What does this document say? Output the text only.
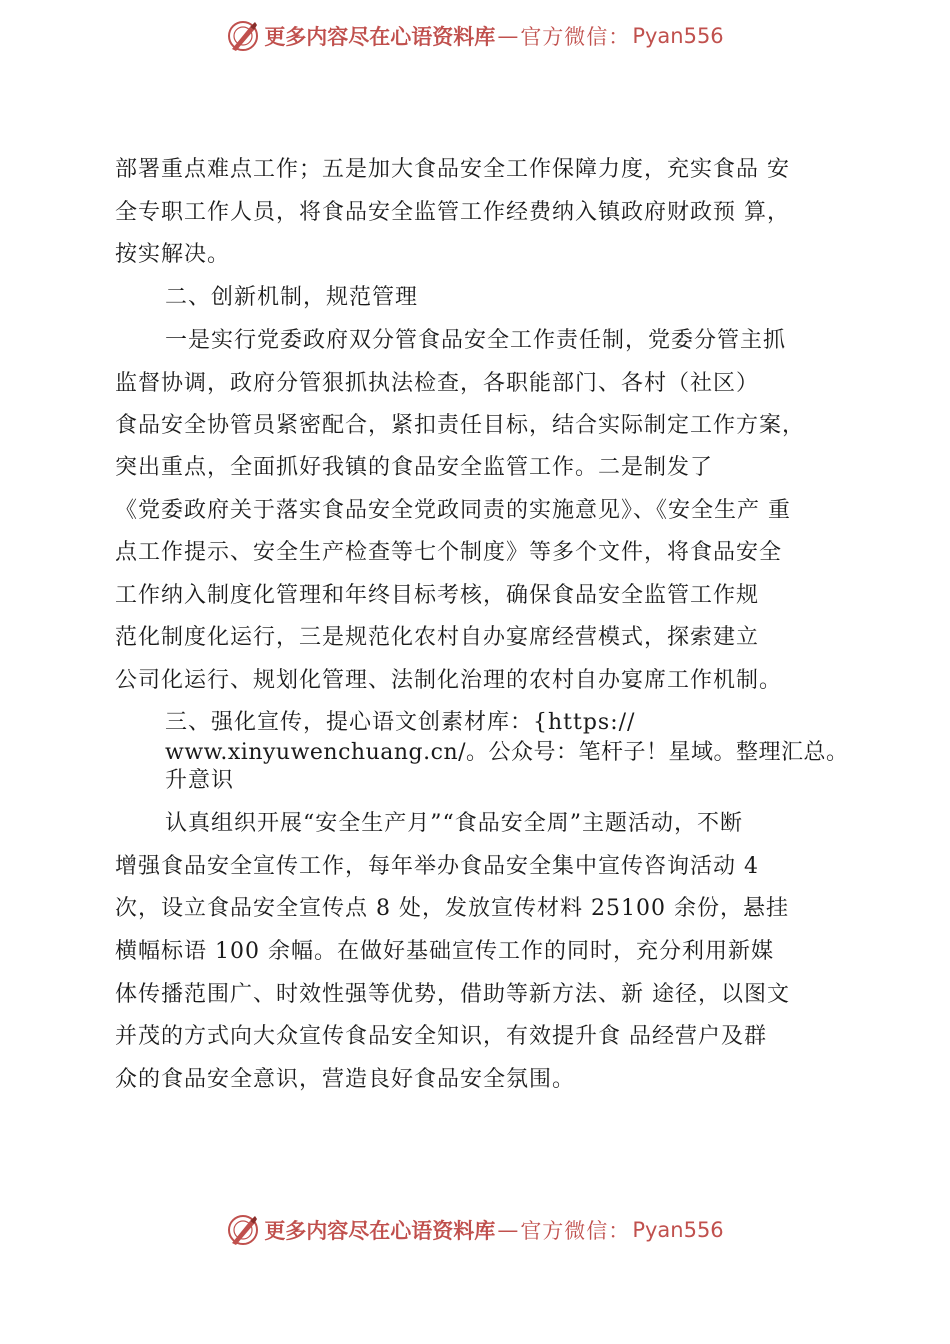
更多内容尽在心语资料库 — 官方微信： Pyan556
部署重点难点工作；五是加大食品安全工作保障力度，充实食品 安
全专职工作人员，将食品安全监管工作经费纳入镇政府财政预 算，
按实解决。
二、创新机制，规范管理
一是实行党委政府双分管食品安全工作责任制，党委分管主抓
监督协调，政府分管狠抓执法检查，各职能部门、各村（社区）
食品安全协管员紧密配合，紧扣责任目标，结合实际制定工作方案，
突出重点，全面抓好我镇的食品安全监管工作。二是制发了
《党委政府关于落实食品安全党政同责的实施意见》、《安全生产 重
点工作提示、安全生产检查等七个制度》等多个文件，将食品安全
工作纳入制度化管理和年终目标考核，确保食品安全监管工作规
范化制度化运行，三是规范化农村自办宴席经营模式，探索建立
公司化运行、规划化管理、法制化治理的农村自办宴席工作机制。
三、强化宣传，提心语文创素材库：{https://
www.xinyuwenchuang.cn/。公众号：笔杆子！星域。整理汇总。
升意识
认真组织开展“安全生产月”“食品安全周”主题活动，不断
增强食品安全宣传工作，每年举办食品安全集中宣传咨询活动 4
次，设立食品安全宣传点 8 处，发放宣传材料 25100 余份，悬挂
横幅标语 100 余幅。在做好基础宣传工作的同时，充分利用新媒
体传播范围广、时效性强等优势，借助等新方法、新 途径，以图文
并茂的方式向大众宣传食品安全知识，有效提升食 品经营户及群
众的食品安全意识，营造良好食品安全氛围。
更多内容尽在心语资料库 — 官方微信： Pyan556
